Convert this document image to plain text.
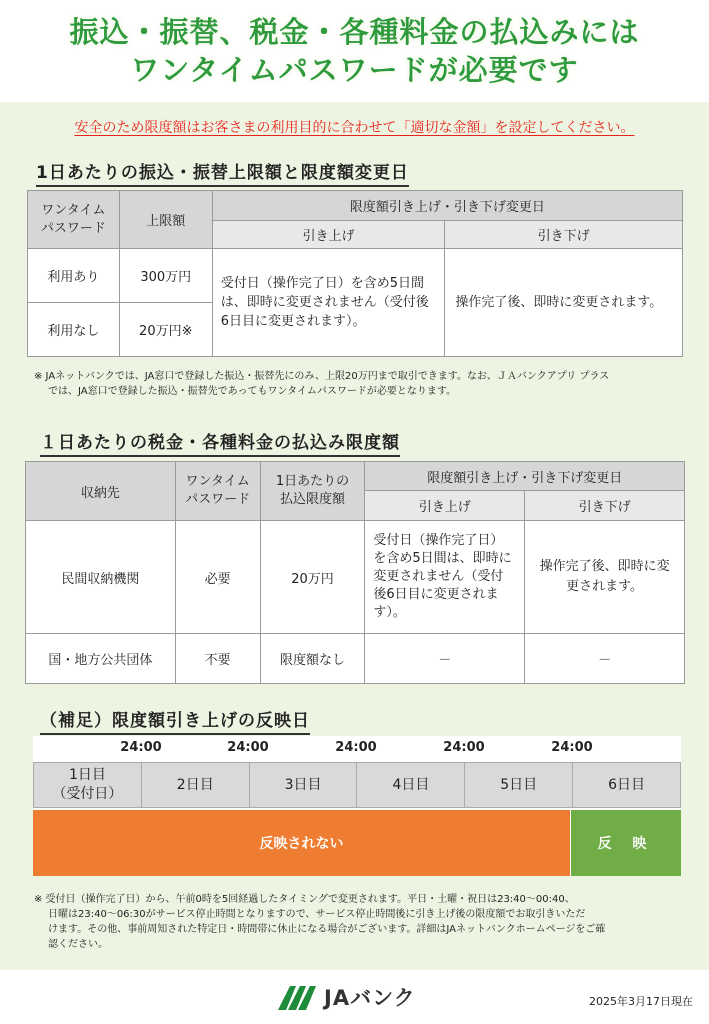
振込・振替、税金・各種料金の払込みには
ワンタイムパスワードが必要です
安全のため限度額はお客さまの利用目的に合わせて「適切な金額」を設定してください。
1日あたりの振込・振替上限額と限度額変更日
ワンタイム
パスワード	上限額	限度額引き上げ・引き下げ変更日	
		引き上げ	引き下げ
利用あり	300万円	受付日（操作完了日）を含め5日間は、即時に変更されません（受付後6日目に変更されます）。	操作完了後、即時に変更されます。
利用なし	20万円※		
※ JAネットバンクでは、JA窓口で登録した振込・振替先にのみ、上限20万円まで取引できます。なお、ＪＡバンクアプリ プラス
では、JA窓口で登録した振込・振替先であってもワンタイムパスワードが必要となります。
１日あたりの税金・各種料金の払込み限度額
収納先	ワンタイム
パスワード	1日あたりの
払込限度額	限度額引き上げ・引き下げ変更日	
			引き上げ	引き下げ
民間収納機関	必要	20万円	受付日（操作完了日）を含め5日間は、即時に変更されません（受付後6日目に変更されます）。	操作完了後、即時に変更されます。
国・地方公共団体	不要	限度額なし	－	－
（補足）限度額引き上げの反映日
24:00	24:00	24:00	24:00	24:00
1日目
（受付日）
2日目	3日目	4日目	5日目	6日目
反映されない	反 映
※ 受付日（操作完了日）から、午前0時を5回経過したタイミングで変更されます。平日・土曜・祝日は23:40～00:40、
日曜は23:40～06:30がサービス停止時間となりますので、サービス停止時間後に引き上げ後の限度額でお取引きいただ
けます。その他、事前周知された特定日・時間帯に休止になる場合がございます。詳細はJAネットバンクホームページをご確
認ください。
JAバンク	2025年3月17日現在
